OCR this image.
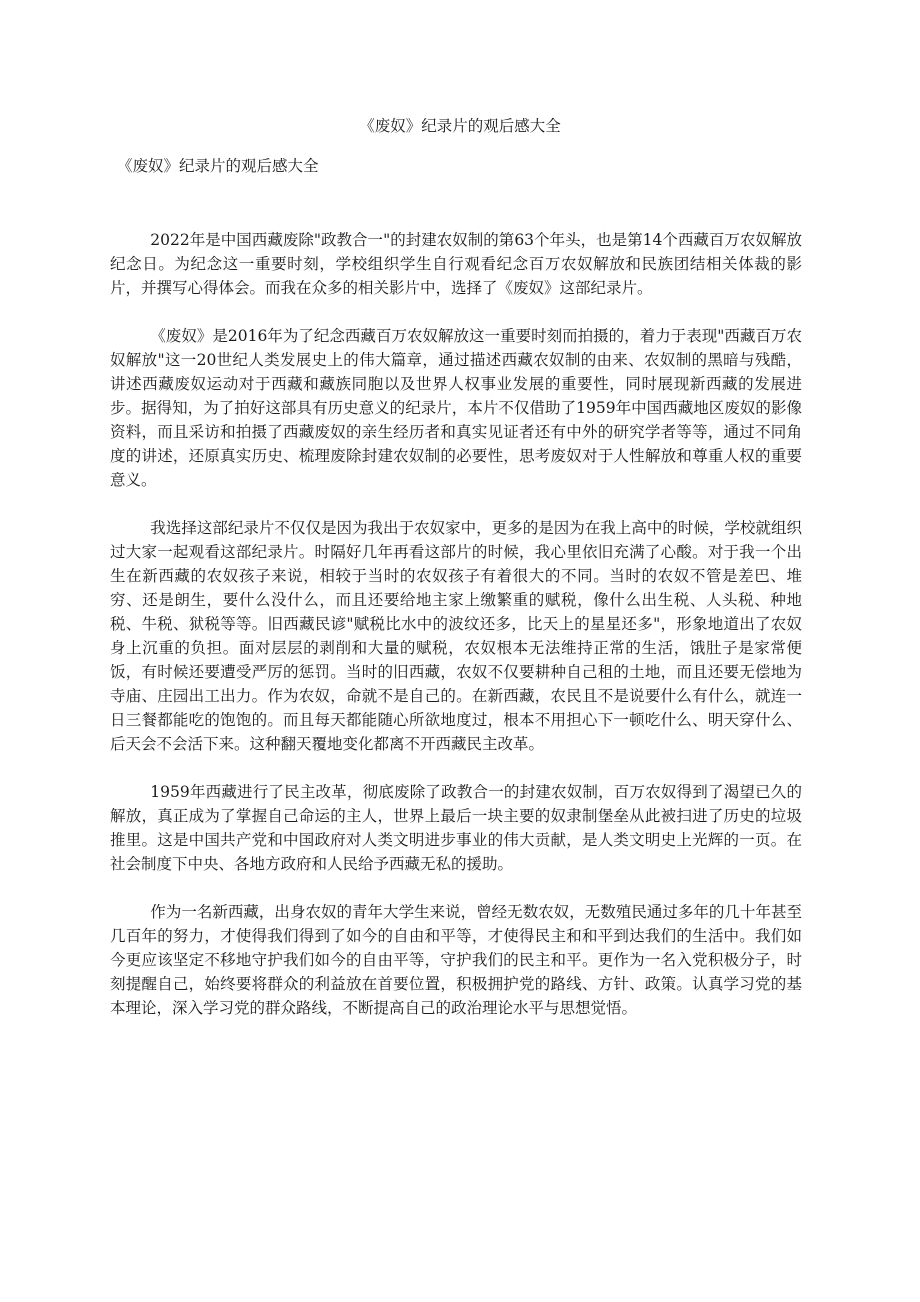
《废奴》纪录片的观后感大全

《废奴》纪录片的观后感大全

2022年是中国西藏废除"政教合一"的封建农奴制的第63个年头，也是第14个西藏百万农奴解放纪念日。为纪念这一重要时刻，学校组织学生自行观看纪念百万农奴解放和民族团结相关体裁的影片，并撰写心得体会。而我在众多的相关影片中，选择了《废奴》这部纪录片。

《废奴》是2016年为了纪念西藏百万农奴解放这一重要时刻而拍摄的，着力于表现"西藏百万农奴解放"这一20世纪人类发展史上的伟大篇章，通过描述西藏农奴制的由来、农奴制的黑暗与残酷，讲述西藏废奴运动对于西藏和藏族同胞以及世界人权事业发展的重要性，同时展现新西藏的发展进步。据得知，为了拍好这部具有历史意义的纪录片，本片不仅借助了1959年中国西藏地区废奴的影像资料，而且采访和拍摄了西藏废奴的亲生经历者和真实见证者还有中外的研究学者等等，通过不同角度的讲述，还原真实历史、梳理废除封建农奴制的必要性，思考废奴对于人性解放和尊重人权的重要意义。

我选择这部纪录片不仅仅是因为我出于农奴家中，更多的是因为在我上高中的时候，学校就组织过大家一起观看这部纪录片。时隔好几年再看这部片的时候，我心里依旧充满了心酸。对于我一个出生在新西藏的农奴孩子来说，相较于当时的农奴孩子有着很大的不同。当时的农奴不管是差巴、堆穷、还是朗生，要什么没什么，而且还要给地主家上缴繁重的赋税，像什么出生税、人头税、种地税、牛税、狱税等等。旧西藏民谚"赋税比水中的波纹还多，比天上的星星还多"，形象地道出了农奴身上沉重的负担。面对层层的剥削和大量的赋税，农奴根本无法维持正常的生活，饿肚子是家常便饭，有时候还要遭受严厉的惩罚。当时的旧西藏，农奴不仅要耕种自己租的土地，而且还要无偿地为寺庙、庄园出工出力。作为农奴，命就不是自己的。在新西藏，农民且不是说要什么有什么，就连一日三餐都能吃的饱饱的。而且每天都能随心所欲地度过，根本不用担心下一顿吃什么、明天穿什么、后天会不会活下来。这种翻天覆地变化都离不开西藏民主改革。

1959年西藏进行了民主改革，彻底废除了政教合一的封建农奴制，百万农奴得到了渴望已久的解放，真正成为了掌握自己命运的主人，世界上最后一块主要的奴隶制堡垒从此被扫进了历史的垃圾推里。这是中国共产党和中国政府对人类文明进步事业的伟大贡献，是人类文明史上光辉的一页。在社会制度下中央、各地方政府和人民给予西藏无私的援助。

作为一名新西藏，出身农奴的青年大学生来说，曾经无数农奴，无数殖民通过多年的几十年甚至几百年的努力，才使得我们得到了如今的自由和平等，才使得民主和和平到达我们的生活中。我们如今更应该坚定不移地守护我们如今的自由平等，守护我们的民主和平。更作为一名入党积极分子，时刻提醒自己，始终要将群众的利益放在首要位置，积极拥护党的路线、方针、政策。认真学习党的基本理论，深入学习党的群众路线，不断提高自己的政治理论水平与思想觉悟。
